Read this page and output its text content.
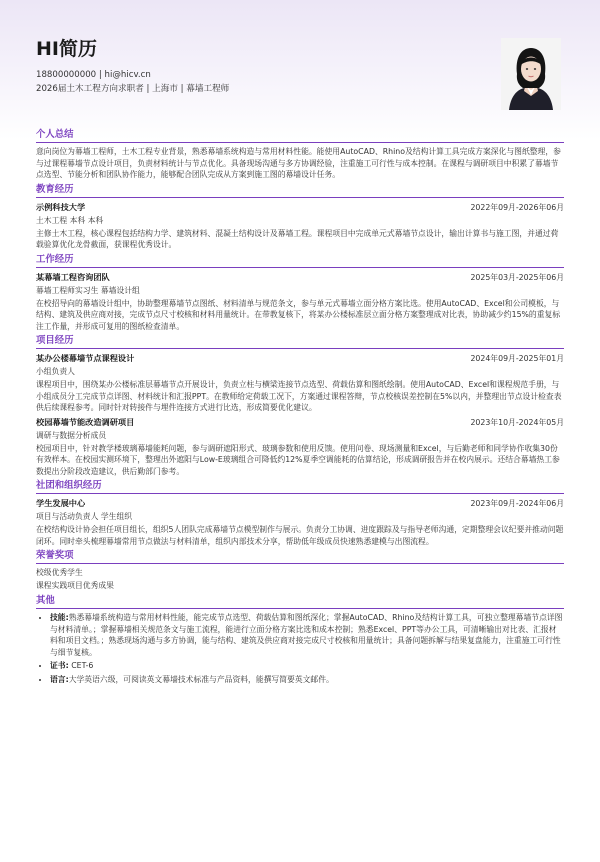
HI简历
18800000000 | hi@hicv.cn
2026届土木工程方向求职者 | 上海市 | 幕墙工程师
个人总结

意向岗位为幕墙工程师，土木工程专业背景，熟悉幕墙系统构造与常用材料性能。能使用AutoCAD、Rhino及结构计算工具完成方案深化与图纸整理，参与过课程幕墙节点设计项目，负责材料统计与节点优化。具备现场沟通与多方协调经验，注重施工可行性与成本控制。在课程与调研项目中积累了幕墙节点选型、节能分析和团队协作能力，能够配合团队完成从方案到施工图的幕墙设计任务。

教育经历
示例科技大学	2022年09月-2026年06月
土木工程 本科 本科

主修土木工程，核心课程包括结构力学、建筑材料、混凝土结构设计及幕墙工程。课程项目中完成单元式幕墙节点设计，输出计算书与施工图，并通过荷载验算优化龙骨截面，获课程优秀设计。

工作经历
某幕墙工程咨询团队	2025年03月-2025年06月
幕墙工程师实习生 幕墙设计组

在校招导向的幕墙设计组中，协助整理幕墙节点图纸、材料清单与规范条文，参与单元式幕墙立面分格方案比选。使用AutoCAD、Excel和公司模板，与结构、建筑及供应商对接，完成节点尺寸校核和材料用量统计。在带教复核下，将某办公楼标准层立面分格方案整理成对比表，协助减少约15%的重复标注工作量，并形成可复用的图纸检查清单。

项目经历
某办公楼幕墙节点课程设计	2024年09月-2025年01月
小组负责人

课程项目中，围绕某办公楼标准层幕墙节点开展设计，负责立柱与横梁连接节点选型、荷载估算和图纸绘制。使用AutoCAD、Excel和课程规范手册，与小组成员分工完成节点详图、材料统计和汇报PPT。在教师给定荷载工况下，方案通过课程答辩，节点校核误差控制在5%以内，并整理出节点设计检查表供后续课程参考。同时针对转接件与埋件连接方式进行比选，形成简要优化建议。

校园幕墙节能改造调研项目	2023年10月-2024年05月
调研与数据分析成员

校园项目中，针对教学楼玻璃幕墙能耗问题，参与调研遮阳形式、玻璃参数和使用反馈。使用问卷、现场测量和Excel，与后勤老师和同学协作收集30份有效样本。在校园实测环境下，整理出外遮阳与Low-E玻璃组合可降低约12%夏季空调能耗的估算结论，形成调研报告并在校内展示。还结合幕墙热工参数提出分阶段改造建议，供后勤部门参考。

社团和组织经历
学生发展中心	2023年09月-2024年06月
项目与活动负责人 学生组织

在校结构设计协会担任项目组长，组织5人团队完成幕墙节点模型制作与展示。负责分工协调、进度跟踪及与指导老师沟通，定期整理会议纪要并推动问题闭环。同时牵头梳理幕墙常用节点做法与材料清单，组织内部技术分享，帮助低年级成员快速熟悉建模与出图流程。

荣誉奖项
校级优秀学生
课程实践项目优秀成果
其他
• 技能:熟悉幕墙系统构造与常用材料性能，能完成节点选型、荷载估算和图纸深化；掌握AutoCAD、Rhino及结构计算工具，可独立整理幕墙节点详图与材料清单。；掌握幕墙相关规范条文与施工流程，能进行立面分格方案比选和成本控制；熟悉Excel、PPT等办公工具，可清晰输出对比表、汇报材料和项目文档。；熟悉现场沟通与多方协调，能与结构、建筑及供应商对接完成尺寸校核和用量统计；具备问题拆解与结果复盘能力，注重施工可行性与细节复核。
• 证书: CET-6
• 语言:大学英语六级，可阅读英文幕墙技术标准与产品资料，能撰写简要英文邮件。
